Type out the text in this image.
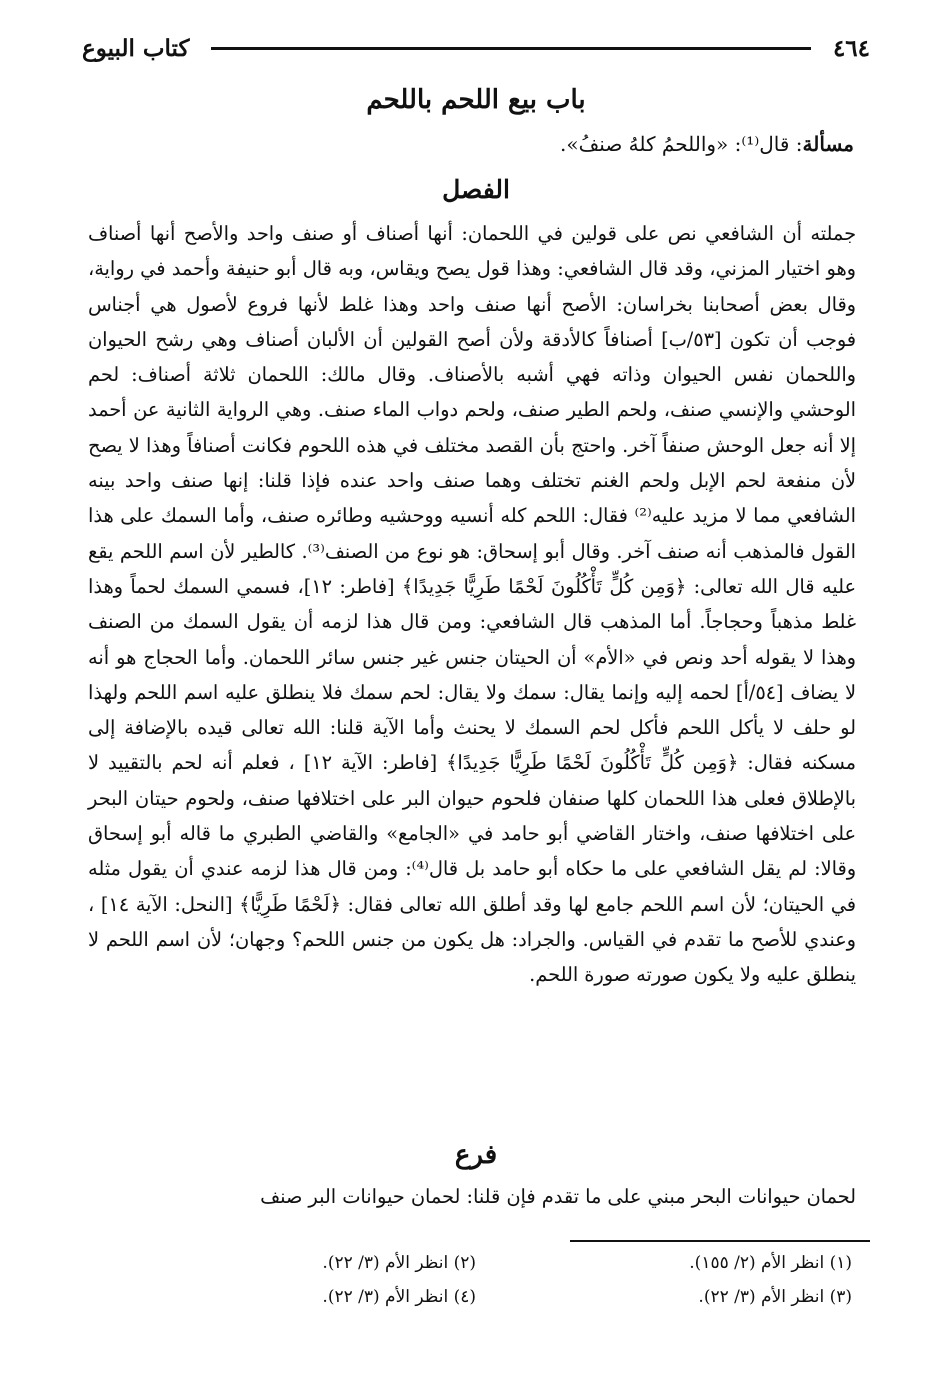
٤٦٤
كتاب البيوع
باب بيع اللحم باللحم
مسألة: قال⁽¹⁾: «واللحمُ كلهُ صنفُ».
الفصل
جملته أن الشافعي نص على قولين في اللحمان: أنها أصناف أو صنف واحد والأصح أنها أصناف وهو اختيار المزني، وقد قال الشافعي: وهذا قول يصح ويقاس، وبه قال أبو حنيفة وأحمد في رواية، وقال بعض أصحابنا بخراسان: الأصح أنها صنف واحد وهذا غلط لأنها فروع لأصول هي أجناس فوجب أن تكون [٥٣/ب] أصنافاً كالأدقة ولأن أصح القولين أن الألبان أصناف وهي رشح الحيوان واللحمان نفس الحيوان وذاته فهي أشبه بالأصناف. وقال مالك: اللحمان ثلاثة أصناف: لحم الوحشي والإنسي صنف، ولحم الطير صنف، ولحم دواب الماء صنف. وهي الرواية الثانية عن أحمد إلا أنه جعل الوحش صنفاً آخر. واحتج بأن القصد مختلف في هذه اللحوم فكانت أصنافاً وهذا لا يصح لأن منفعة لحم الإبل ولحم الغنم تختلف وهما صنف واحد عنده فإذا قلنا: إنها صنف واحد بينه الشافعي مما لا مزيد عليه⁽²⁾ فقال: اللحم كله أنسيه ووحشيه وطائره صنف، وأما السمك على هذا القول فالمذهب أنه صنف آخر. وقال أبو إسحاق: هو نوع من الصنف⁽³⁾. كالطير لأن اسم اللحم يقع عليه قال الله تعالى: ﴿وَمِن كُلٍّ تَأْكُلُونَ لَحْمًا طَرِيًّا جَدِيدًا﴾ [فاطر: ١٢]، فسمي السمك لحماً وهذا غلط مذهباً وحجاجاً. أما المذهب قال الشافعي: ومن قال هذا لزمه أن يقول السمك من الصنف وهذا لا يقوله أحد ونص في «الأم» أن الحيتان جنس غير جنس سائر اللحمان. وأما الحجاج هو أنه لا يضاف [٥٤/أ] لحمه إليه وإنما يقال: سمك ولا يقال: لحم سمك فلا ينطلق عليه اسم اللحم ولهذا لو حلف لا يأكل اللحم فأكل لحم السمك لا يحنث وأما الآية قلنا: الله تعالى قيده بالإضافة إلى مسكنه فقال: ﴿وَمِن كُلٍّ تَأْكُلُونَ لَحْمًا طَرِيًّا جَدِيدًا﴾ [فاطر: الآية ١٢] ، فعلم أنه لحم بالتقييد لا بالإطلاق فعلى هذا اللحمان كلها صنفان فلحوم حيوان البر على اختلافها صنف، ولحوم حيتان البحر على اختلافها صنف، واختار القاضي أبو حامد في «الجامع» والقاضي الطبري ما قاله أبو إسحاق وقالا: لم يقل الشافعي على ما حكاه أبو حامد بل قال⁽⁴⁾: ومن قال هذا لزمه عندي أن يقول مثله في الحيتان؛ لأن اسم اللحم جامع لها وقد أطلق الله تعالى فقال: ﴿لَحْمًا طَرِيًّا﴾ [النحل: الآية ١٤] ، وعندي للأصح ما تقدم في القياس. والجراد: هل يكون من جنس اللحم؟ وجهان؛ لأن اسم اللحم لا ينطلق عليه ولا يكون صورته صورة اللحم.
فرع
لحمان حيوانات البحر مبني على ما تقدم فإن قلنا: لحمان حيوانات البر صنف
(١) انظر الأم (٢/ ١٥٥).
(٢) انظر الأم (٣/ ٢٢).
(٣) انظر الأم (٣/ ٢٢).
(٤) انظر الأم (٣/ ٢٢).
